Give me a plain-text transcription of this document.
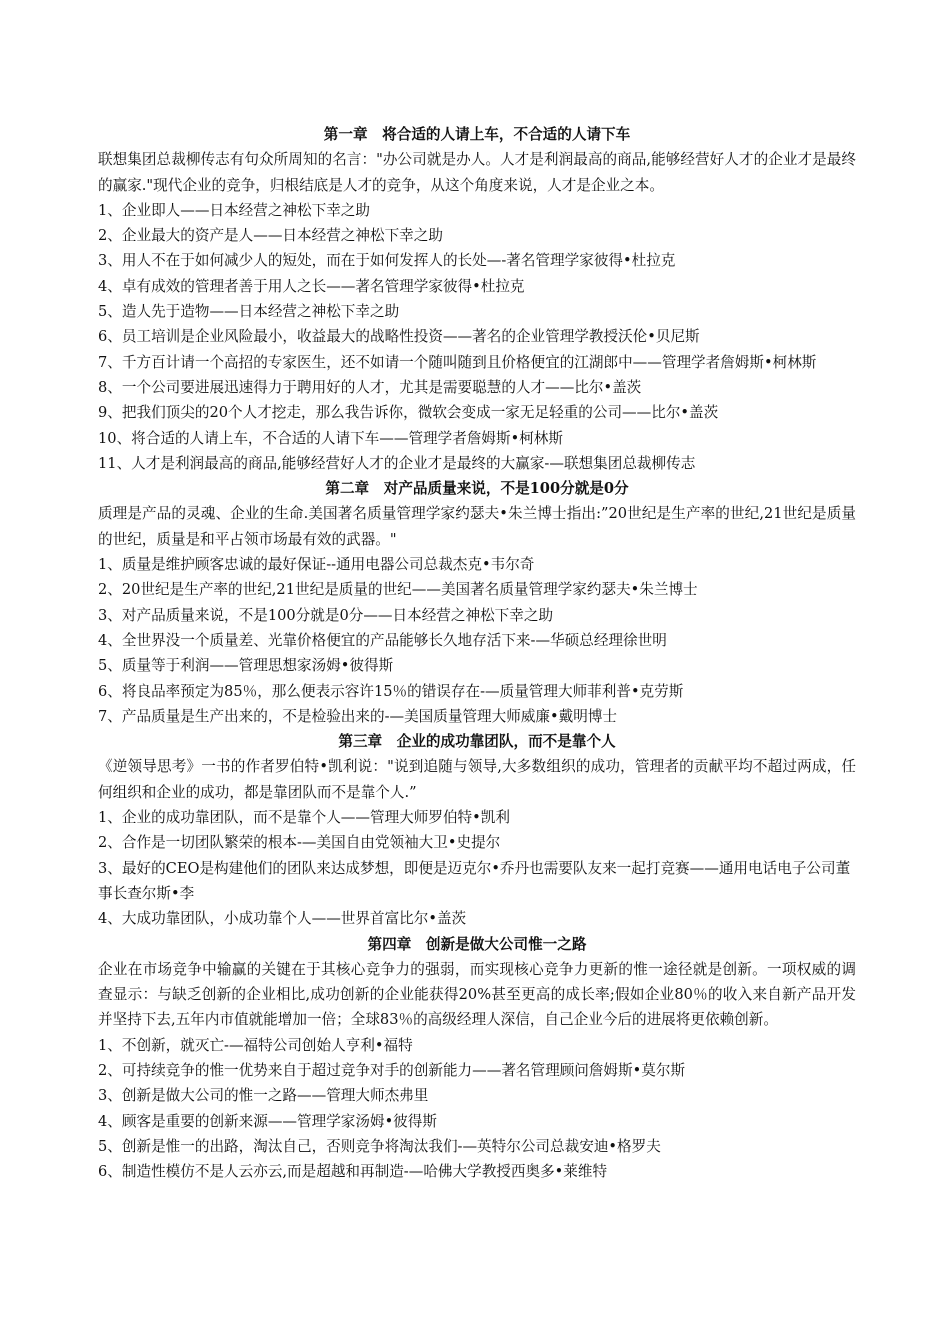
第一章　将合适的人请上车，不合适的人请下车
联想集团总裁柳传志有句众所周知的名言："办公司就是办人。人才是利润最高的商品,能够经营好人才的企业才是最终的赢家."现代企业的竞争，归根结底是人才的竞争，从这个角度来说，人才是企业之本。
1、企业即人——日本经营之神松下幸之助
2、企业最大的资产是人——日本经营之神松下幸之助
3、用人不在于如何减少人的短处，而在于如何发挥人的长处—-著名管理学家彼得•杜拉克
4、卓有成效的管理者善于用人之长——著名管理学家彼得•杜拉克
5、造人先于造物——日本经营之神松下幸之助
6、员工培训是企业风险最小，收益最大的战略性投资——著名的企业管理学教授沃伦•贝尼斯
7、千方百计请一个高招的专家医生，还不如请一个随叫随到且价格便宜的江湖郎中——管理学者詹姆斯•柯林斯
8、一个公司要进展迅速得力于聘用好的人才，尤其是需要聪慧的人才——比尔•盖茨
9、把我们顶尖的20个人才挖走，那么我告诉你，微软会变成一家无足轻重的公司——比尔•盖茨
10、将合适的人请上车，不合适的人请下车——管理学者詹姆斯•柯林斯
11、人才是利润最高的商品,能够经营好人才的企业才是最终的大赢家-—联想集团总裁柳传志
第二章　对产品质量来说，不是100分就是0分
质理是产品的灵魂、企业的生命.美国著名质量管理学家约瑟夫•朱兰博士指出:”20世纪是生产率的世纪,21世纪是质量的世纪，质量是和平占领市场最有效的武器。"
1、质量是维护顾客忠诚的最好保证--通用电器公司总裁杰克•韦尔奇
2、20世纪是生产率的世纪,21世纪是质量的世纪——美国著名质量管理学家约瑟夫•朱兰博士
3、对产品质量来说，不是100分就是0分——日本经营之神松下幸之助
4、全世界没一个质量差、光靠价格便宜的产品能够长久地存活下来-—华硕总经理徐世明
5、质量等于利润——管理思想家汤姆•彼得斯
6、将良品率预定为85％，那么便表示容许15％的错误存在-—质量管理大师菲利普•克劳斯
7、产品质量是生产出来的，不是检验出来的-—美国质量管理大师威廉•戴明博士
第三章　企业的成功靠团队，而不是靠个人
《逆领导思考》一书的作者罗伯特•凯利说："说到追随与领导,大多数组织的成功，管理者的贡献平均不超过两成，任何组织和企业的成功，都是靠团队而不是靠个人.”
1、企业的成功靠团队，而不是靠个人——管理大师罗伯特•凯利
2、合作是一切团队繁荣的根本-—美国自由党领袖大卫•史提尔
3、最好的CEO是构建他们的团队来达成梦想，即便是迈克尔•乔丹也需要队友来一起打竞赛——通用电话电子公司董事长查尔斯•李
4、大成功靠团队，小成功靠个人——世界首富比尔•盖茨
第四章　创新是做大公司惟一之路
企业在市场竞争中输赢的关键在于其核心竞争力的强弱，而实现核心竞争力更新的惟一途径就是创新。一项权威的调查显示：与缺乏创新的企业相比,成功创新的企业能获得20%甚至更高的成长率;假如企业80％的收入来自新产品开发并坚持下去,五年内市值就能增加一倍；全球83％的高级经理人深信，自己企业今后的进展将更依赖创新。
1、不创新，就灭亡-—福特公司创始人亨利•福特
2、可持续竞争的惟一优势来自于超过竞争对手的创新能力——著名管理顾问詹姆斯•莫尔斯
3、创新是做大公司的惟一之路——管理大师杰弗里
4、顾客是重要的创新来源——管理学家汤姆•彼得斯
5、创新是惟一的出路，淘汰自己，否则竞争将淘汰我们-—英特尔公司总裁安迪•格罗夫
6、制造性模仿不是人云亦云,而是超越和再制造-—哈佛大学教授西奥多•莱维特
